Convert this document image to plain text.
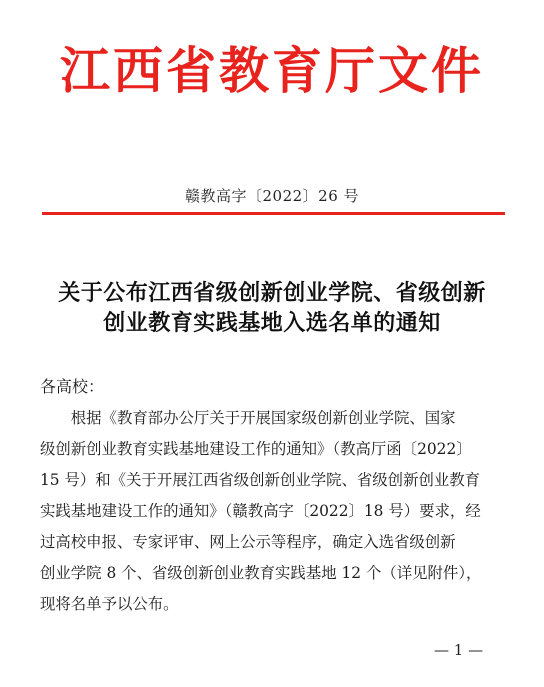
江西省教育厅文件
赣教高字〔2022〕26 号
关于公布江西省级创新创业学院、省级创新
创业教育实践基地入选名单的通知
各高校：
　　根据《教育部办公厅关于开展国家级创新创业学院、国家
级创新创业教育实践基地建设工作的通知》（教高厅函〔2022〕
15 号）和《关于开展江西省级创新创业学院、省级创新创业教育
实践基地建设工作的通知》（赣教高字〔2022〕18 号）要求，经
过高校申报、专家评审、网上公示等程序，确定入选省级创新
创业学院 8 个、省级创新创业教育实践基地 12 个（详见附件），
现将名单予以公布。
— 1 —
